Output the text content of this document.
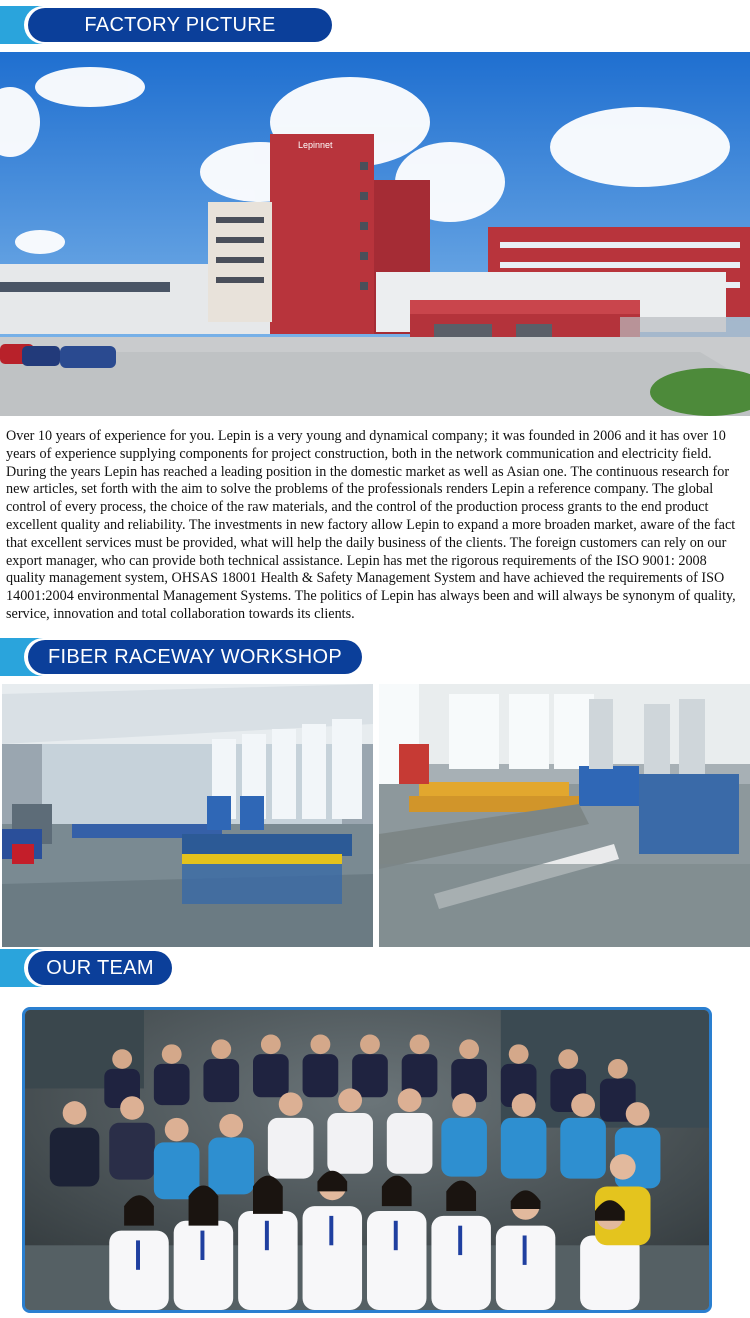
FACTORY PICTURE
Lepinnet

Over 10 years of experience for you. Lepin is a very young and dynamical company; it was founded in 2006 and it has over 10 years of experience supplying components for project construction, both in the network communication and electricity field. During the years Lepin has reached a leading position in the domestic market as well as Asian one. The continuous research for new articles, set forth with the aim to solve the problems of the professionals renders Lepin a reference company. The global control of every process, the choice of the raw materials, and the control of the production process grants to the end product excellent quality and reliability. The investments in new factory allow Lepin to expand a more broaden market, aware of the fact that excellent services must be provided, what will help the daily business of the clients. The foreign customers can rely on our export manager, who can provide both technical assistance. Lepin has met the rigorous requirements of the ISO 9001: 2008 quality management system, OHSAS 18001 Health & Safety Management System and have achieved the requirements of ISO 14001:2004 environmental Management Systems. The politics of Lepin has always been and will always be synonym of quality, service, innovation and total collaboration towards its clients.

FIBER RACEWAY WORKSHOP
OUR TEAM
